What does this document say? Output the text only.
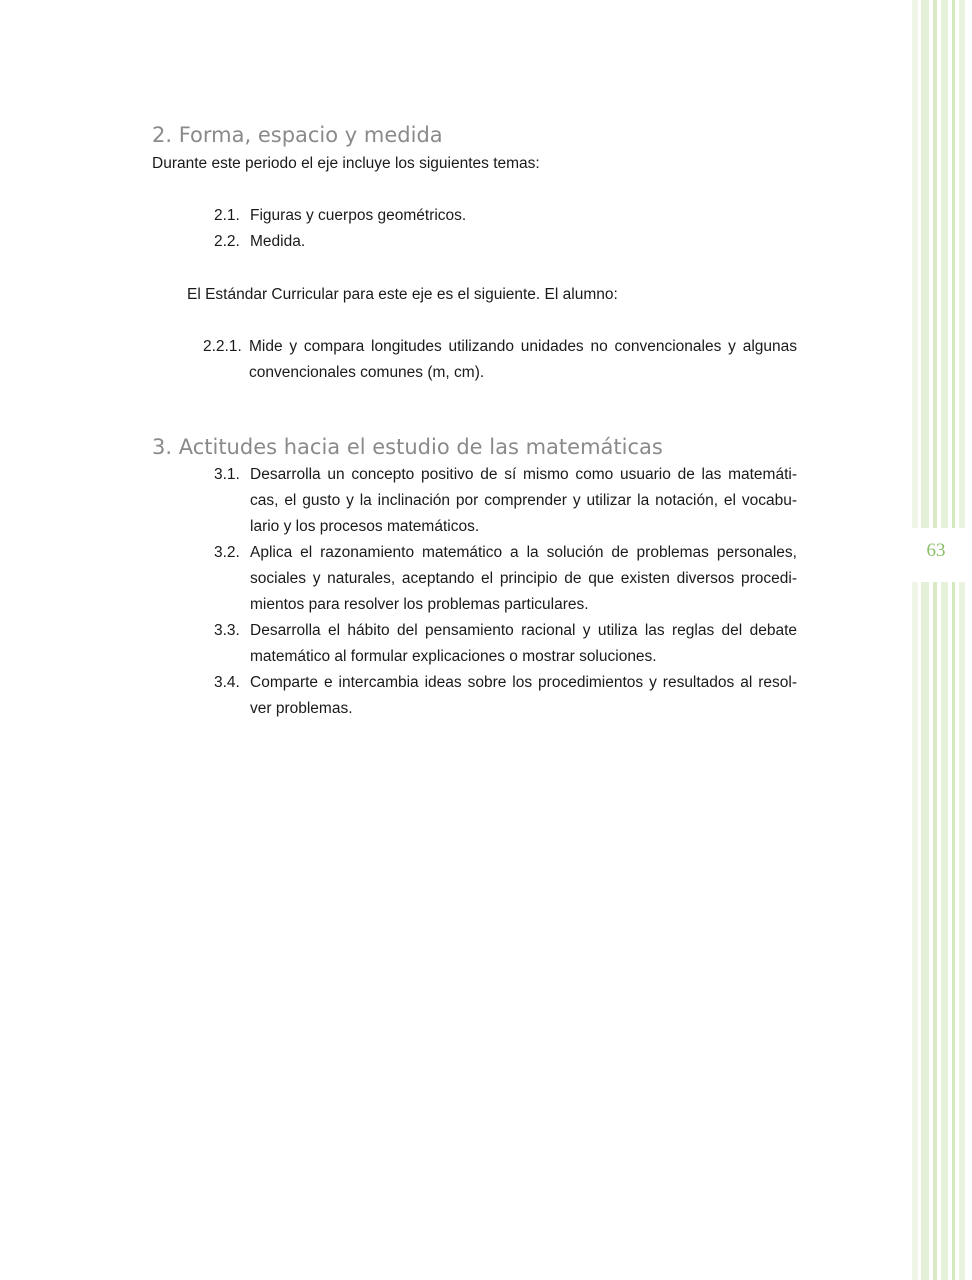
63
2. Forma, espacio y medida

Durante este periodo el eje incluye los siguientes temas:

2.1. Figuras y cuerpos geométricos.
2.2. Medida.

El Estándar Curricular para este eje es el siguiente. El alumno:

2.2.1. Mide y compara longitudes utilizando unidades no convencionales y algunas convencionales comunes (m, cm).
3. Actitudes hacia el estudio de las matemáticas
3.1. Desarrolla un concepto positivo de sí mismo como usuario de las matemáti-cas, el gusto y la inclinación por comprender y utilizar la notación, el vocabu-lario y los procesos matemáticos.
3.2. Aplica el razonamiento matemático a la solución de problemas personales, sociales y naturales, aceptando el principio de que existen diversos procedi-mientos para resolver los problemas particulares.
3.3. Desarrolla el hábito del pensamiento racional y utiliza las reglas del debate matemático al formular explicaciones o mostrar soluciones.
3.4. Comparte e intercambia ideas sobre los procedimientos y resultados al resol-ver problemas.
